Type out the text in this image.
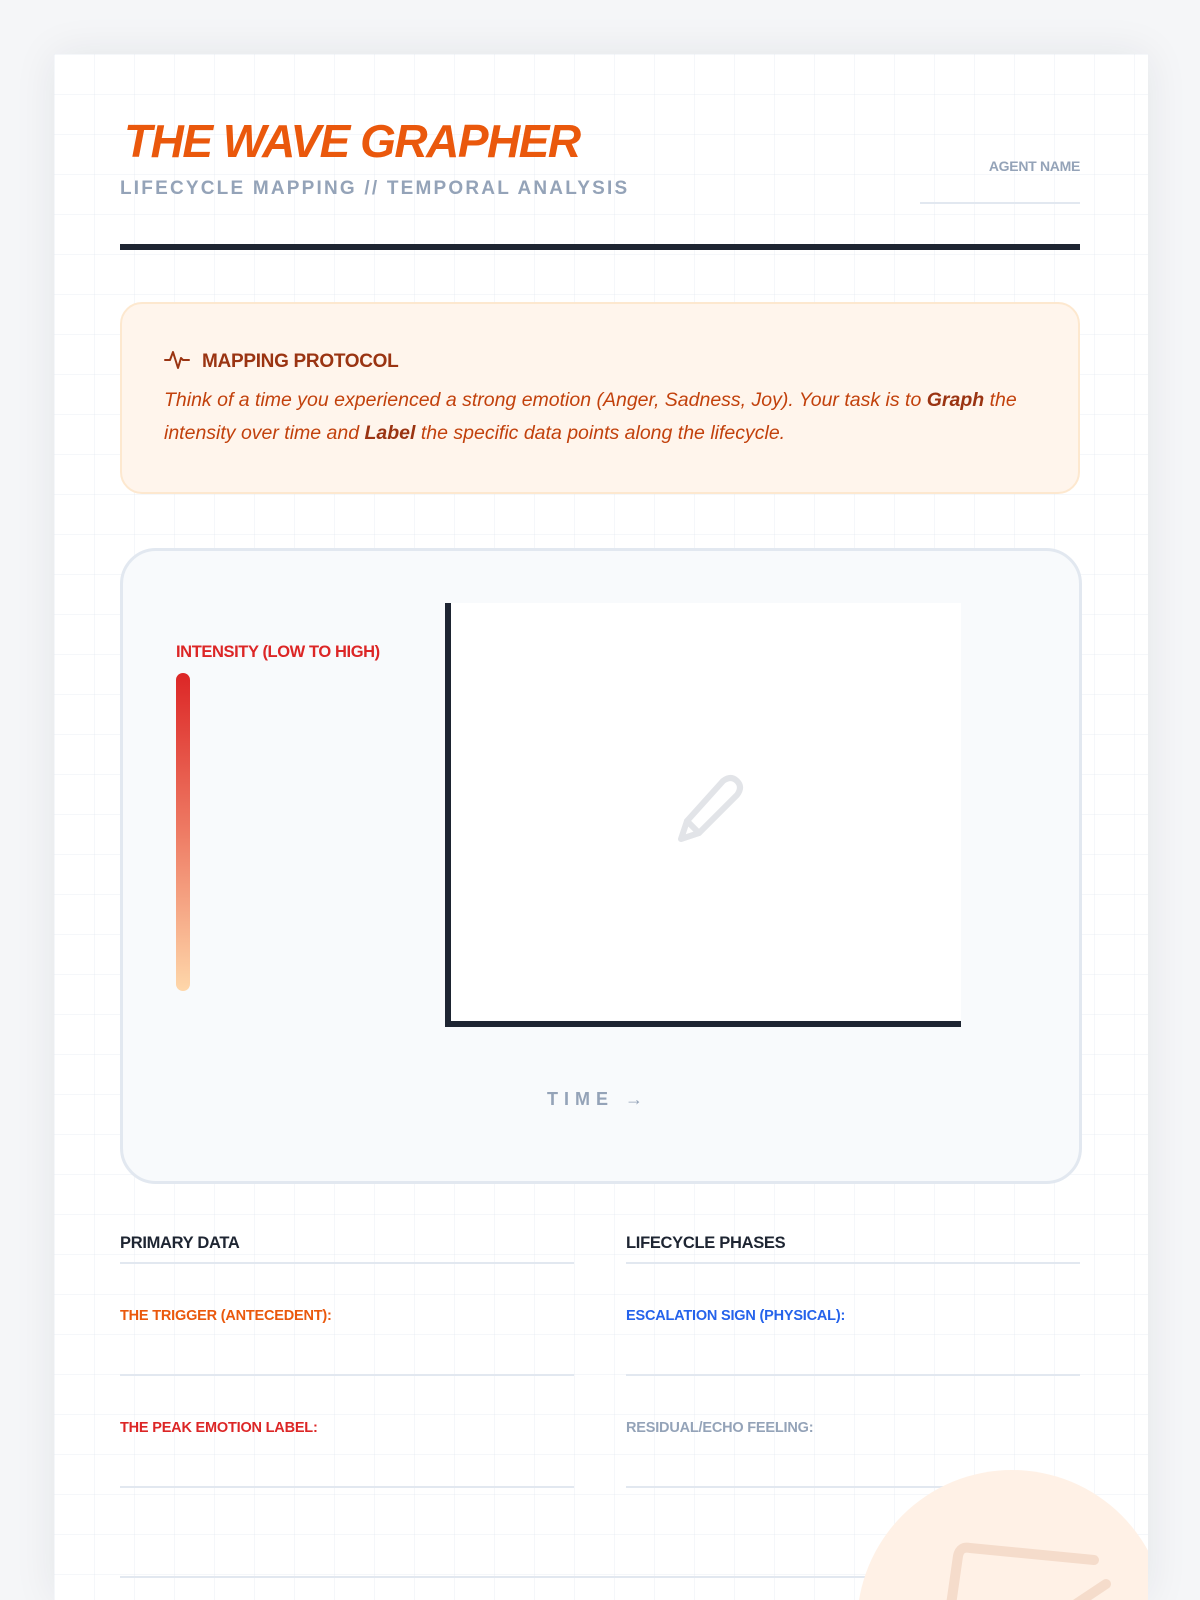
THE WAVE GRAPHER
LIFECYCLE MAPPING // TEMPORAL ANALYSIS
AGENT NAME
MAPPING PROTOCOL
Think of a time you experienced a strong emotion (Anger, Sadness, Joy). Your task is to Graph the intensity over time and Label the specific data points along the lifecycle.
INTENSITY (LOW TO HIGH)
TIME →
PRIMARY DATA
THE TRIGGER (ANTECEDENT):
THE PEAK EMOTION LABEL:
LIFECYCLE PHASES
ESCALATION SIGN (PHYSICAL):
RESIDUAL/ECHO FEELING:
